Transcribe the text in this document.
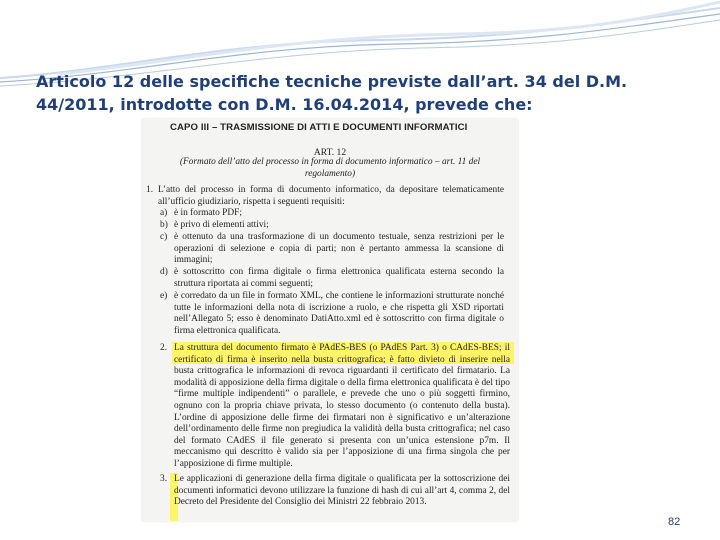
Articolo 12 delle specifiche tecniche previste dall’art. 34 del D.M. 44/2011, introdotte con D.M. 16.04.2014, prevede che:
CAPO III – TRASMISSIONE DI ATTI E DOCUMENTI INFORMATICI
ART. 12
(Formato dell’atto del processo in forma di documento informatico – art. 11 del regolamento)
1. L’atto del processo in forma di documento informatico, da depositare telematicamente all’ufficio giudiziario, rispetta i seguenti requisiti:
a) è in formato PDF;
b) è privo di elementi attivi;
c) è ottenuto da una trasformazione di un documento testuale, senza restrizioni per le operazioni di selezione e copia di parti; non è pertanto ammessa la scansione di immagini;
d) è sottoscritto con firma digitale o firma elettronica qualificata esterna secondo la struttura riportata ai commi seguenti;
e) è corredato da un file in formato XML, che contiene le informazioni strutturate nonché tutte le informazioni della nota di iscrizione a ruolo, e che rispetta gli XSD riportati nell’Allegato 5; esso è denominato DatiAtto.xml ed è sottoscritto con firma digitale o firma elettronica qualificata.
2. La struttura del documento firmato è PAdES-BES (o PAdES Part. 3) o CAdES-BES; il certificato di firma è inserito nella busta crittografica; è fatto divieto di inserire nella busta crittografica le informazioni di revoca riguardanti il certificato del firmatario. La modalità di apposizione della firma digitale o della firma elettronica qualificata è del tipo “firme multiple indipendenti” o parallele, e prevede che uno o più soggetti firmino, ognuno con la propria chiave privata, lo stesso documento (o contenuto della busta). L’ordine di apposizione delle firme dei firmatari non è significativo e un’alterazione dell’ordinamento delle firme non pregiudica la validità della busta crittografica; nel caso del formato CAdES il file generato si presenta con un’unica estensione p7m. Il meccanismo qui descritto è valido sia per l’apposizione di una firma singola che per l’apposizione di firme multiple.
3. Le applicazioni di generazione della firma digitale o qualificata per la sottoscrizione dei documenti informatici devono utilizzare la funzione di hash di cui all’art 4, comma 2, del Decreto del Presidente del Consiglio dei Ministri 22 febbraio 2013.
82
